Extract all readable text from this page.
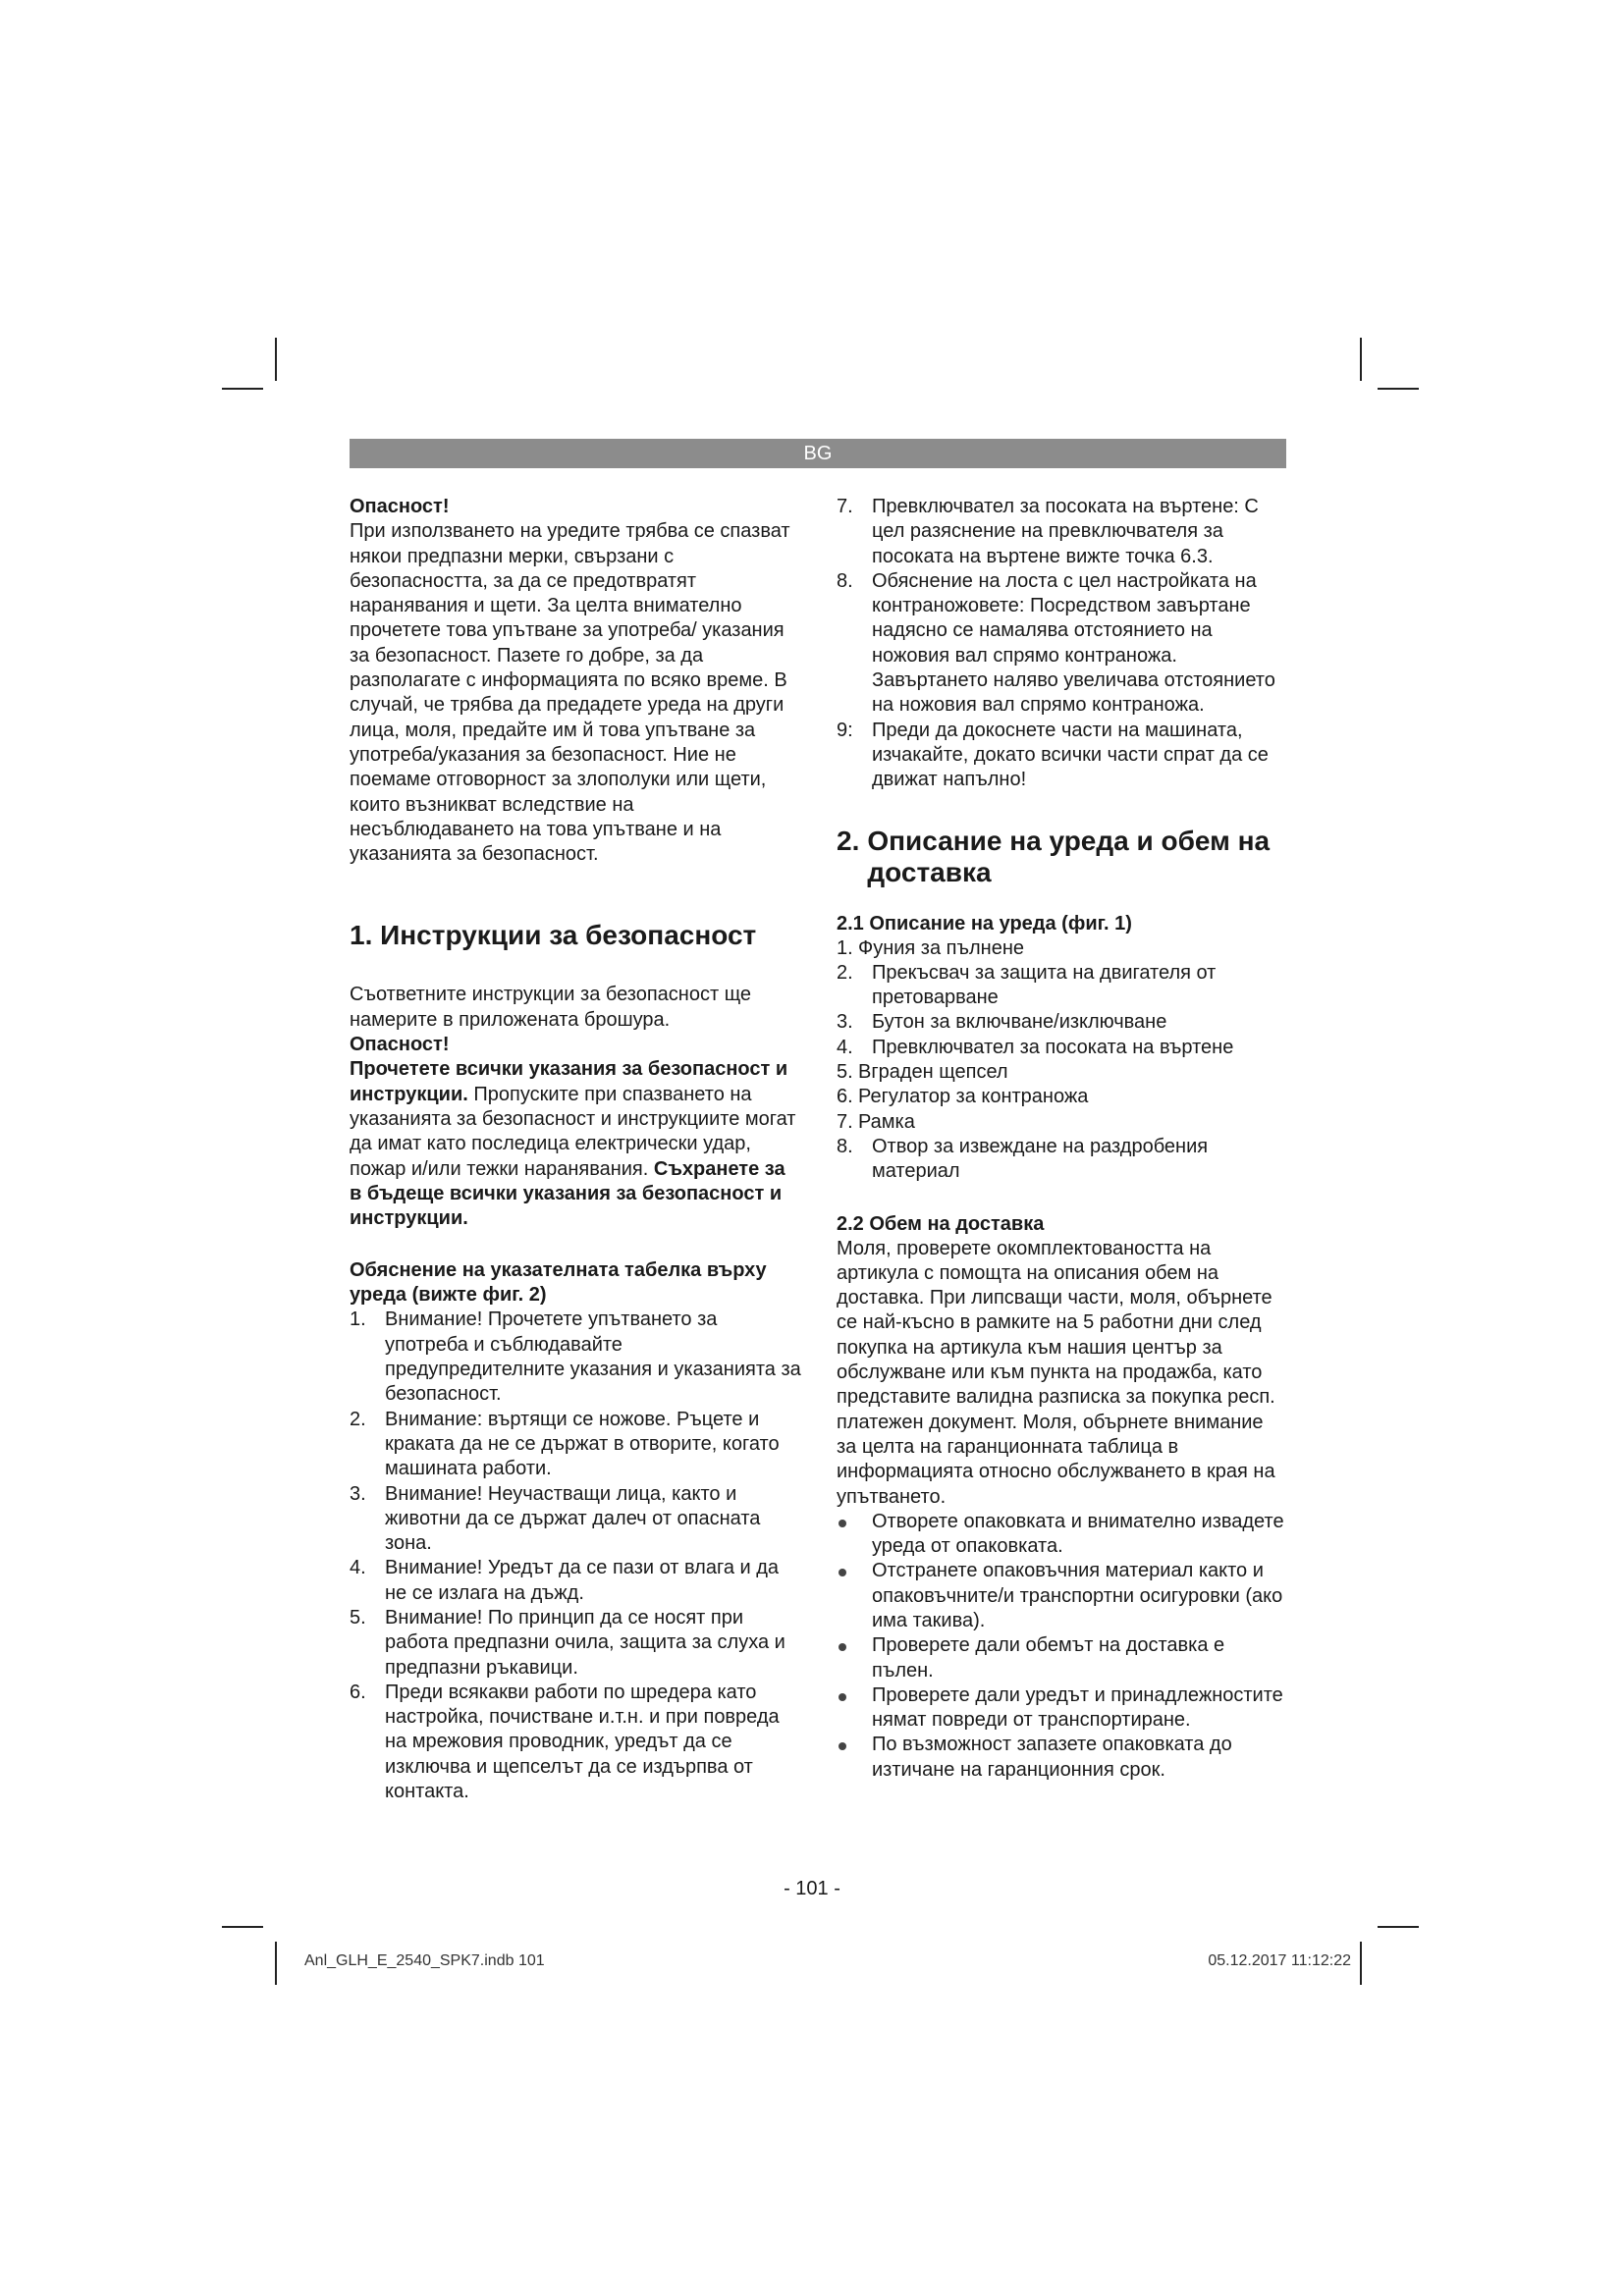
BG

Опасност!

При използването на уредите трябва се спазват някои предпазни мерки, свързани с безопасността, за да се предотвратят наранявания и щети. За целта внимателно прочетете това упътване за употреба/ указания за безопасност. Пазете го добре, за да разполагате с информацията по всяко време. В случай, че трябва да предадете уреда на други лица, моля, предайте им й това упътване за употреба/указания за безопасност. Ние не поемаме отговорност за злополуки или щети, които възникват вследствие на несъблюдаването на това упътване и на указанията за безопасност.

1. Инструкции за безопасност

Съответните инструкции за безопасност ще намерите в приложената брошура.

Опасност!

Прочетете всички указания за безопасност и инструкции. Пропуските при спазването на указанията за безопасност и инструкциите могат да имат като последица електрически удар, пожар и/или тежки наранявания. Съхранете за в бъдеще всички указания за безопасност и инструкции.

Обяснение на указателната табелка върху уреда (вижте фиг. 2)
1. Внимание! Прочетете упътването за употреба и съблюдавайте предупредителните указания и указанията за безопасност.
2. Внимание: въртящи се ножове. Ръцете и краката да не се държат в отворите, когато машината работи.
3. Внимание! Неучастващи лица, както и животни да се държат далеч от опасната зона.
4. Внимание! Уредът да се пази от влага и да не се излага на дъжд.
5. Внимание! По принцип да се носят при работа предпазни очила, защита за слуха и предпазни ръкавици.
6. Преди всякакви работи по шредера като настройка, почистване и.т.н. и при повреда на мрежовия проводник, уредът да се изключва и щепселът да се издърпва от контакта.
7. Превключвател за посоката на въртене: С цел разяснение на превключвателя за посоката на въртене вижте точка 6.3.
8. Обяснение на лоста с цел настройката на контраножовете: Посредством завъртане надясно се намалява отстоянието на ножовия вал спрямо контраножа. Завъртането наляво увеличава отстоянието на ножовия вал спрямо контраножа.
9: Преди да докоснете части на машината, изчакайте, докато всички части спрат да се движат напълно!
2. Описание на уреда и обем на доставка
2.1 Описание на уреда (фиг. 1)
1. Фуния за пълнене
2. Прекъсвач за защита на двигателя от претоварване
3. Бутон за включване/изключване
4. Превключвател за посоката на въртене
5. Вграден щепсел
6. Регулатор за контраножа
7. Рамка
8. Отвор за извеждане на раздробения материал
2.2 Обем на доставка

Моля, проверете окомплектоваността на артикула с помощта на описания обем на доставка. При липсващи части, моля, обърнете се най-късно в рамките на 5 работни дни след покупка на артикула към нашия център за обслужване или към пункта на продажба, като представите валидна разписка за покупка респ. платежен документ. Моля, обърнете внимание за целта на гаранционната таблица в информацията относно обслужването в края на упътването.

Отворете опаковката и внимателно извадете уреда от опаковката.
Отстранете опаковъчния материал както и опаковъчните/и транспортни осигуровки (ако има такива).
Проверете дали обемът на доставка е пълен.
Проверете дали уредът и принадлежностите нямат повреди от транспортиране.
По възможност запазете опаковката до изтичане на гаранционния срок.
- 101 -
Anl_GLH_E_2540_SPK7.indb 101	05.12.2017 11:12:22
